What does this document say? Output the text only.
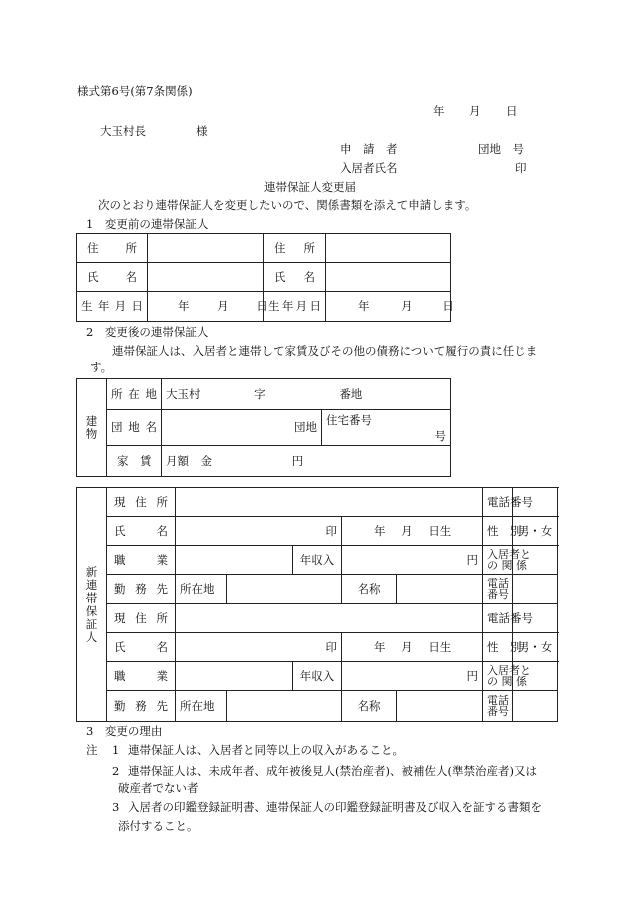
様式第6号(第7条関係)
年 月 日
大玉村長	様
申　請　者	団地　号
入居者氏名	印
連帯保証人変更届
次のとおり連帯保証人を変更したいので、関係書類を添えて申請します。
1　変更前の連帯保証人
住　所		住　所	

氏　名		氏　名	

生年月日	年 月 日	生年月日	年 月 日
2　変更後の連帯保証人
連帯保証人は、入居者と連帯して家賃及びその他の債務について履行の責に任じま
す。
建物	所在地	大玉村 字 番地	

	団地名	団地	住宅番号
号

	家　賃	月額　金 円	
新連帯保証人	現住所						電話番号	

	氏　名	印			年 月 日生		性　別	男・女

	職　業			年収入	円		入居者と
の 関 係	

	勤務先	所在地			名称		電話
番号	

	現住所						電話番号	

	氏　名	印			年 月 日生		性　別	男・女

	職　業			年収入	円		入居者と
の 関 係	

	勤務先	所在地			名称		電話
番号	

3　変更の理由
注 1 連帯保証人は、入居者と同等以上の収入があること。
2 連帯保証人は、未成年者、成年被後見人(禁治産者)、被補佐人(準禁治産者)又は
破産者でない者
3 入居者の印鑑登録証明書、連帯保証人の印鑑登録証明書及び収入を証する書類を
添付すること。
